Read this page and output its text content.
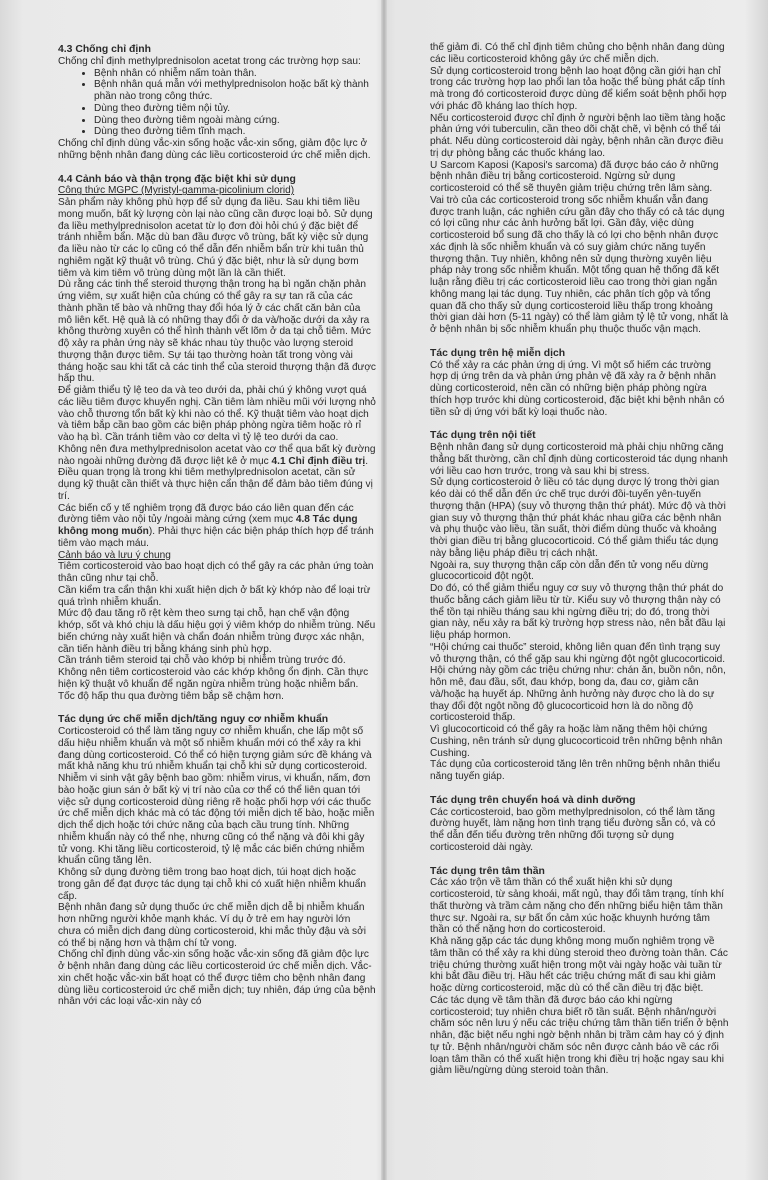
4.3 Chống chỉ định

Chống chỉ định methylprednisolon acetat trong các trường hợp sau:

• Bệnh nhân có nhiễm nấm toàn thân.
• Bệnh nhân quá mẫn với methylprednisolon hoặc bất kỳ thành phần nào trong công thức.
• Dùng theo đường tiêm nội tủy.
• Dùng theo đường tiêm ngoài màng cứng.
• Dùng theo đường tiêm tĩnh mạch.

Chống chỉ định dùng vắc-xin sống hoặc vắc-xin sống, giảm độc lực ở những bệnh nhân đang dùng các liều corticosteroid ức chế miễn dịch.

4.4 Cảnh báo và thận trọng đặc biệt khi sử dụng

Công thức MGPC (Myristyl-gamma-picolinium clorid)

Sản phẩm này không phù hợp để sử dụng đa liều. Sau khi tiêm liều mong muốn, bất kỳ lượng còn lại nào cũng cần được loại bỏ. Sử dụng đa liều methylprednisolon acetat từ lọ đơn đòi hỏi chú ý đặc biệt để tránh nhiễm bẩn. Mặc dù ban đầu được vô trùng, bất kỳ việc sử dụng đa liều nào từ các lọ cũng có thể dẫn đến nhiễm bẩn trừ khi tuân thủ nghiêm ngặt kỹ thuật vô trùng. Chú ý đặc biệt, như là sử dụng bơm tiêm và kim tiêm vô trùng dùng một lần là cần thiết.

Dù rằng các tinh thể steroid thượng thận trong hạ bì ngăn chặn phản ứng viêm, sự xuất hiện của chúng có thể gây ra sự tan rã của các thành phần tế bào và những thay đổi hóa lý ở các chất căn bản của mô liên kết. Hệ quả là có những thay đổi ở da và/hoặc dưới da xảy ra không thường xuyên có thể hình thành vết lõm ở da tại chỗ tiêm. Mức độ xảy ra phản ứng này sẽ khác nhau tùy thuộc vào lượng steroid thượng thận được tiêm. Sự tái tạo thường hoàn tất trong vòng vài tháng hoặc sau khi tất cả các tinh thể của steroid thượng thận đã được hấp thu.

Để giảm thiểu tỷ lệ teo da và teo dưới da, phải chú ý không vượt quá các liều tiêm được khuyến nghị. Cần tiêm làm nhiều mũi với lượng nhỏ vào chỗ thương tổn bất kỳ khi nào có thể. Kỹ thuật tiêm vào hoạt dịch và tiêm bắp cần bao gồm các biện pháp phòng ngừa tiêm hoặc rò rỉ vào hạ bì. Cần tránh tiêm vào cơ delta vì tỷ lệ teo dưới da cao.

Không nên đưa methylprednisolon acetat vào cơ thể qua bất kỳ đường nào ngoài những đường đã được liệt kê ở mục 4.1 Chỉ định điều trị. Điều quan trọng là trong khi tiêm methylprednisolon acetat, cần sử dụng kỹ thuật cần thiết và thực hiện cẩn thận để đảm bảo tiêm đúng vị trí.

Các biến cố y tế nghiêm trọng đã được báo cáo liên quan đến các đường tiêm vào nội tủy /ngoài màng cứng (xem mục 4.8 Tác dụng không mong muốn). Phải thực hiện các biện pháp thích hợp để tránh tiêm vào mạch máu.

Cảnh báo và lưu ý chung

Tiêm corticosteroid vào bao hoạt dịch có thể gây ra các phản ứng toàn thân cũng như tại chỗ.

Cần kiểm tra cẩn thận khi xuất hiện dịch ở bất kỳ khớp nào để loại trừ quá trình nhiễm khuẩn.

Mức độ đau tăng rõ rệt kèm theo sưng tại chỗ, hạn chế vận động khớp, sốt và khó chịu là dấu hiệu gợi ý viêm khớp do nhiễm trùng. Nếu biến chứng này xuất hiện và chẩn đoán nhiễm trùng được xác nhận, cần tiến hành điều trị bằng kháng sinh phù hợp.

Cần tránh tiêm steroid tại chỗ vào khớp bị nhiễm trùng trước đó. Không nên tiêm corticosteroid vào các khớp không ổn định. Cần thực hiện kỹ thuật vô khuẩn để ngăn ngừa nhiễm trùng hoặc nhiễm bẩn.

Tốc độ hấp thu qua đường tiêm bắp sẽ chậm hơn.

Tác dụng ức chế miễn dịch/tăng nguy cơ nhiễm khuẩn

Corticosteroid có thể làm tăng nguy cơ nhiễm khuẩn, che lấp một số dấu hiệu nhiễm khuẩn và một số nhiễm khuẩn mới có thể xảy ra khi đang dùng corticosteroid. Có thể có hiện tượng giảm sức đề kháng và mất khả năng khu trú nhiễm khuẩn tại chỗ khi sử dụng corticosteroid. Nhiễm vi sinh vật gây bệnh bao gồm: nhiễm virus, vi khuẩn, nấm, đơn bào hoặc giun sán ở bất kỳ vị trí nào của cơ thể có thể liên quan tới việc sử dụng corticosteroid dùng riêng rẽ hoặc phối hợp với các thuốc ức chế miễn dịch khác mà có tác động tới miễn dịch tế bào, hoặc miễn dịch thể dịch hoặc tới chức năng của bạch cầu trung tính. Những nhiễm khuẩn này có thể nhẹ, nhưng cũng có thể nặng và đôi khi gây tử vong. Khi tăng liều corticosteroid, tỷ lệ mắc các biến chứng nhiễm khuẩn cũng tăng lên.

Không sử dụng đường tiêm trong bao hoạt dịch, túi hoạt dịch hoặc trong gân để đạt được tác dụng tại chỗ khi có xuất hiện nhiễm khuẩn cấp.

Bệnh nhân đang sử dụng thuốc ức chế miễn dịch dễ bị nhiễm khuẩn hơn những người khỏe mạnh khác. Ví dụ ở trẻ em hay người lớn chưa có miễn dịch đang dùng corticosteroid, khi mắc thủy đậu và sởi có thể bị nặng hơn và thậm chí tử vong.

Chống chỉ định dùng vắc-xin sống hoặc vắc-xin sống đã giảm độc lực ở bệnh nhân đang dùng các liều corticosteroid ức chế miễn dịch. Vắc-xin chết hoặc vắc-xin bất hoạt có thể được tiêm cho bệnh nhân đang dùng liều corticosteroid ức chế miễn dịch; tuy nhiên, đáp ứng của bệnh nhân với các loại vắc-xin này có

thể giảm đi. Có thể chỉ định tiêm chủng cho bệnh nhân đang dùng các liều corticosteroid không gây ức chế miễn dịch.

Sử dụng corticosteroid trong bệnh lao hoạt động cần giới hạn chỉ trong các trường hợp lao phổi lan tỏa hoặc thể bùng phát cấp tính mà trong đó corticosteroid được dùng để kiểm soát bệnh phối hợp với phác đồ kháng lao thích hợp.

Nếu corticosteroid được chỉ định ở người bệnh lao tiềm tàng hoặc phản ứng với tuberculin, cần theo dõi chặt chẽ, vì bệnh có thể tái phát. Nếu dùng corticosteroid dài ngày, bệnh nhân cần được điều trị dự phòng bằng các thuốc kháng lao.

U Sarcom Kaposi (Kaposi's sarcoma) đã được báo cáo ở những bệnh nhân điều trị bằng corticosteroid. Ngừng sử dụng corticosteroid có thể sẽ thuyên giảm triệu chứng trên lâm sàng.

Vai trò của các corticosteroid trong sốc nhiễm khuẩn vẫn đang được tranh luận, các nghiên cứu gần đây cho thấy có cả tác dụng có lợi cũng như các ảnh hưởng bất lợi. Gần đây, việc dùng corticosteroid bổ sung đã cho thấy là có lợi cho bệnh nhân được xác định là sốc nhiễm khuẩn và có suy giảm chức năng tuyến thượng thận. Tuy nhiên, không nên sử dụng thường xuyên liệu pháp này trong sốc nhiễm khuẩn. Một tổng quan hệ thống đã kết luận rằng điều trị các corticosteroid liều cao trong thời gian ngắn không mang lại tác dụng. Tuy nhiên, các phân tích gộp và tổng quan đã cho thấy sử dụng corticosteroid liều thấp trong khoảng thời gian dài hơn (5-11 ngày) có thể làm giảm tỷ lệ tử vong, nhất là ở bệnh nhân bị sốc nhiễm khuẩn phụ thuộc thuốc vận mạch.

Tác dụng trên hệ miễn dịch

Có thể xảy ra các phản ứng dị ứng. Vì một số hiếm các trường hợp dị ứng trên da và phản ứng phản vệ đã xảy ra ở bệnh nhân dùng corticosteroid, nên cần có những biện pháp phòng ngừa thích hợp trước khi dùng corticosteroid, đặc biệt khi bệnh nhân có tiền sử dị ứng với bất kỳ loại thuốc nào.

Tác dụng trên nội tiết

Bệnh nhân đang sử dụng corticosteroid mà phải chịu những căng thẳng bất thường, cần chỉ định dùng corticosteroid tác dụng nhanh với liều cao hơn trước, trong và sau khi bị stress.

Sử dụng corticosteroid ở liều có tác dụng dược lý trong thời gian kéo dài có thể dẫn đến ức chế trục dưới đồi-tuyến yên-tuyến thượng thận (HPA) (suy vỏ thượng thận thứ phát). Mức độ và thời gian suy vỏ thượng thận thứ phát khác nhau giữa các bệnh nhân và phụ thuộc vào liều, tần suất, thời điểm dùng thuốc và khoảng thời gian điều trị bằng glucocorticoid. Có thể giảm thiểu tác dụng này bằng liệu pháp điều trị cách nhật.

Ngoài ra, suy thượng thận cấp còn dẫn đến tử vong nếu dừng glucocorticoid đột ngột.

Do đó, có thể giảm thiểu nguy cơ suy vỏ thượng thận thứ phát do thuốc bằng cách giảm liều từ từ. Kiểu suy vỏ thượng thận này có thể tồn tại nhiều tháng sau khi ngừng điều trị; do đó, trong thời gian này, nếu xảy ra bất kỳ trường hợp stress nào, nên bắt đầu lại liệu pháp hormon.

“Hội chứng cai thuốc” steroid, không liên quan đến tình trạng suy vỏ thượng thận, có thể gặp sau khi ngừng đột ngột glucocorticoid. Hội chứng này gồm các triệu chứng như: chán ăn, buồn nôn, nôn, hôn mê, đau đầu, sốt, đau khớp, bong da, đau cơ, giảm cân và/hoặc hạ huyết áp. Những ảnh hưởng này được cho là do sự thay đổi đột ngột nồng độ glucocorticoid hơn là do nồng độ corticosteroid thấp.

Vì glucocorticoid có thể gây ra hoặc làm nặng thêm hội chứng Cushing, nên tránh sử dụng glucocorticoid trên những bệnh nhân Cushing.

Tác dụng của corticosteroid tăng lên trên những bệnh nhân thiểu năng tuyến giáp.

Tác dụng trên chuyển hoá và dinh dưỡng

Các corticosteroid, bao gồm methylprednisolon, có thể làm tăng đường huyết, làm nặng hơn tình trạng tiểu đường sẵn có, và có thể dẫn đến tiểu đường trên những đối tượng sử dụng corticosteroid dài ngày.

Tác dụng trên tâm thần

Các xáo trộn về tâm thần có thể xuất hiện khi sử dụng corticosteroid, từ sảng khoái, mất ngủ, thay đổi tâm trạng, tính khí thất thường và trầm cảm nặng cho đến những biểu hiện tâm thần thực sự. Ngoài ra, sự bất ổn cảm xúc hoặc khuynh hướng tâm thần có thể nặng hơn do corticosteroid.

Khả năng gặp các tác dụng không mong muốn nghiêm trọng về tâm thần có thể xảy ra khi dùng steroid theo đường toàn thân. Các triệu chứng thường xuất hiện trong một vài ngày hoặc vài tuần từ khi bắt đầu điều trị. Hầu hết các triệu chứng mất đi sau khi giảm hoặc dừng corticosteroid, mặc dù có thể cần điều trị đặc biệt.

Các tác dụng về tâm thần đã được báo cáo khi ngừng corticosteroid; tuy nhiên chưa biết rõ tần suất. Bệnh nhân/người chăm sóc nên lưu ý nếu các triệu chứng tâm thần tiến triển ở bệnh nhân, đặc biệt nếu nghi ngờ bệnh nhân bị trầm cảm hay có ý định tự tử. Bệnh nhân/người chăm sóc nên được cảnh báo về các rối loạn tâm thần có thể xuất hiện trong khi điều trị hoặc ngay sau khi giảm liều/ngừng dùng steroid toàn thân.
